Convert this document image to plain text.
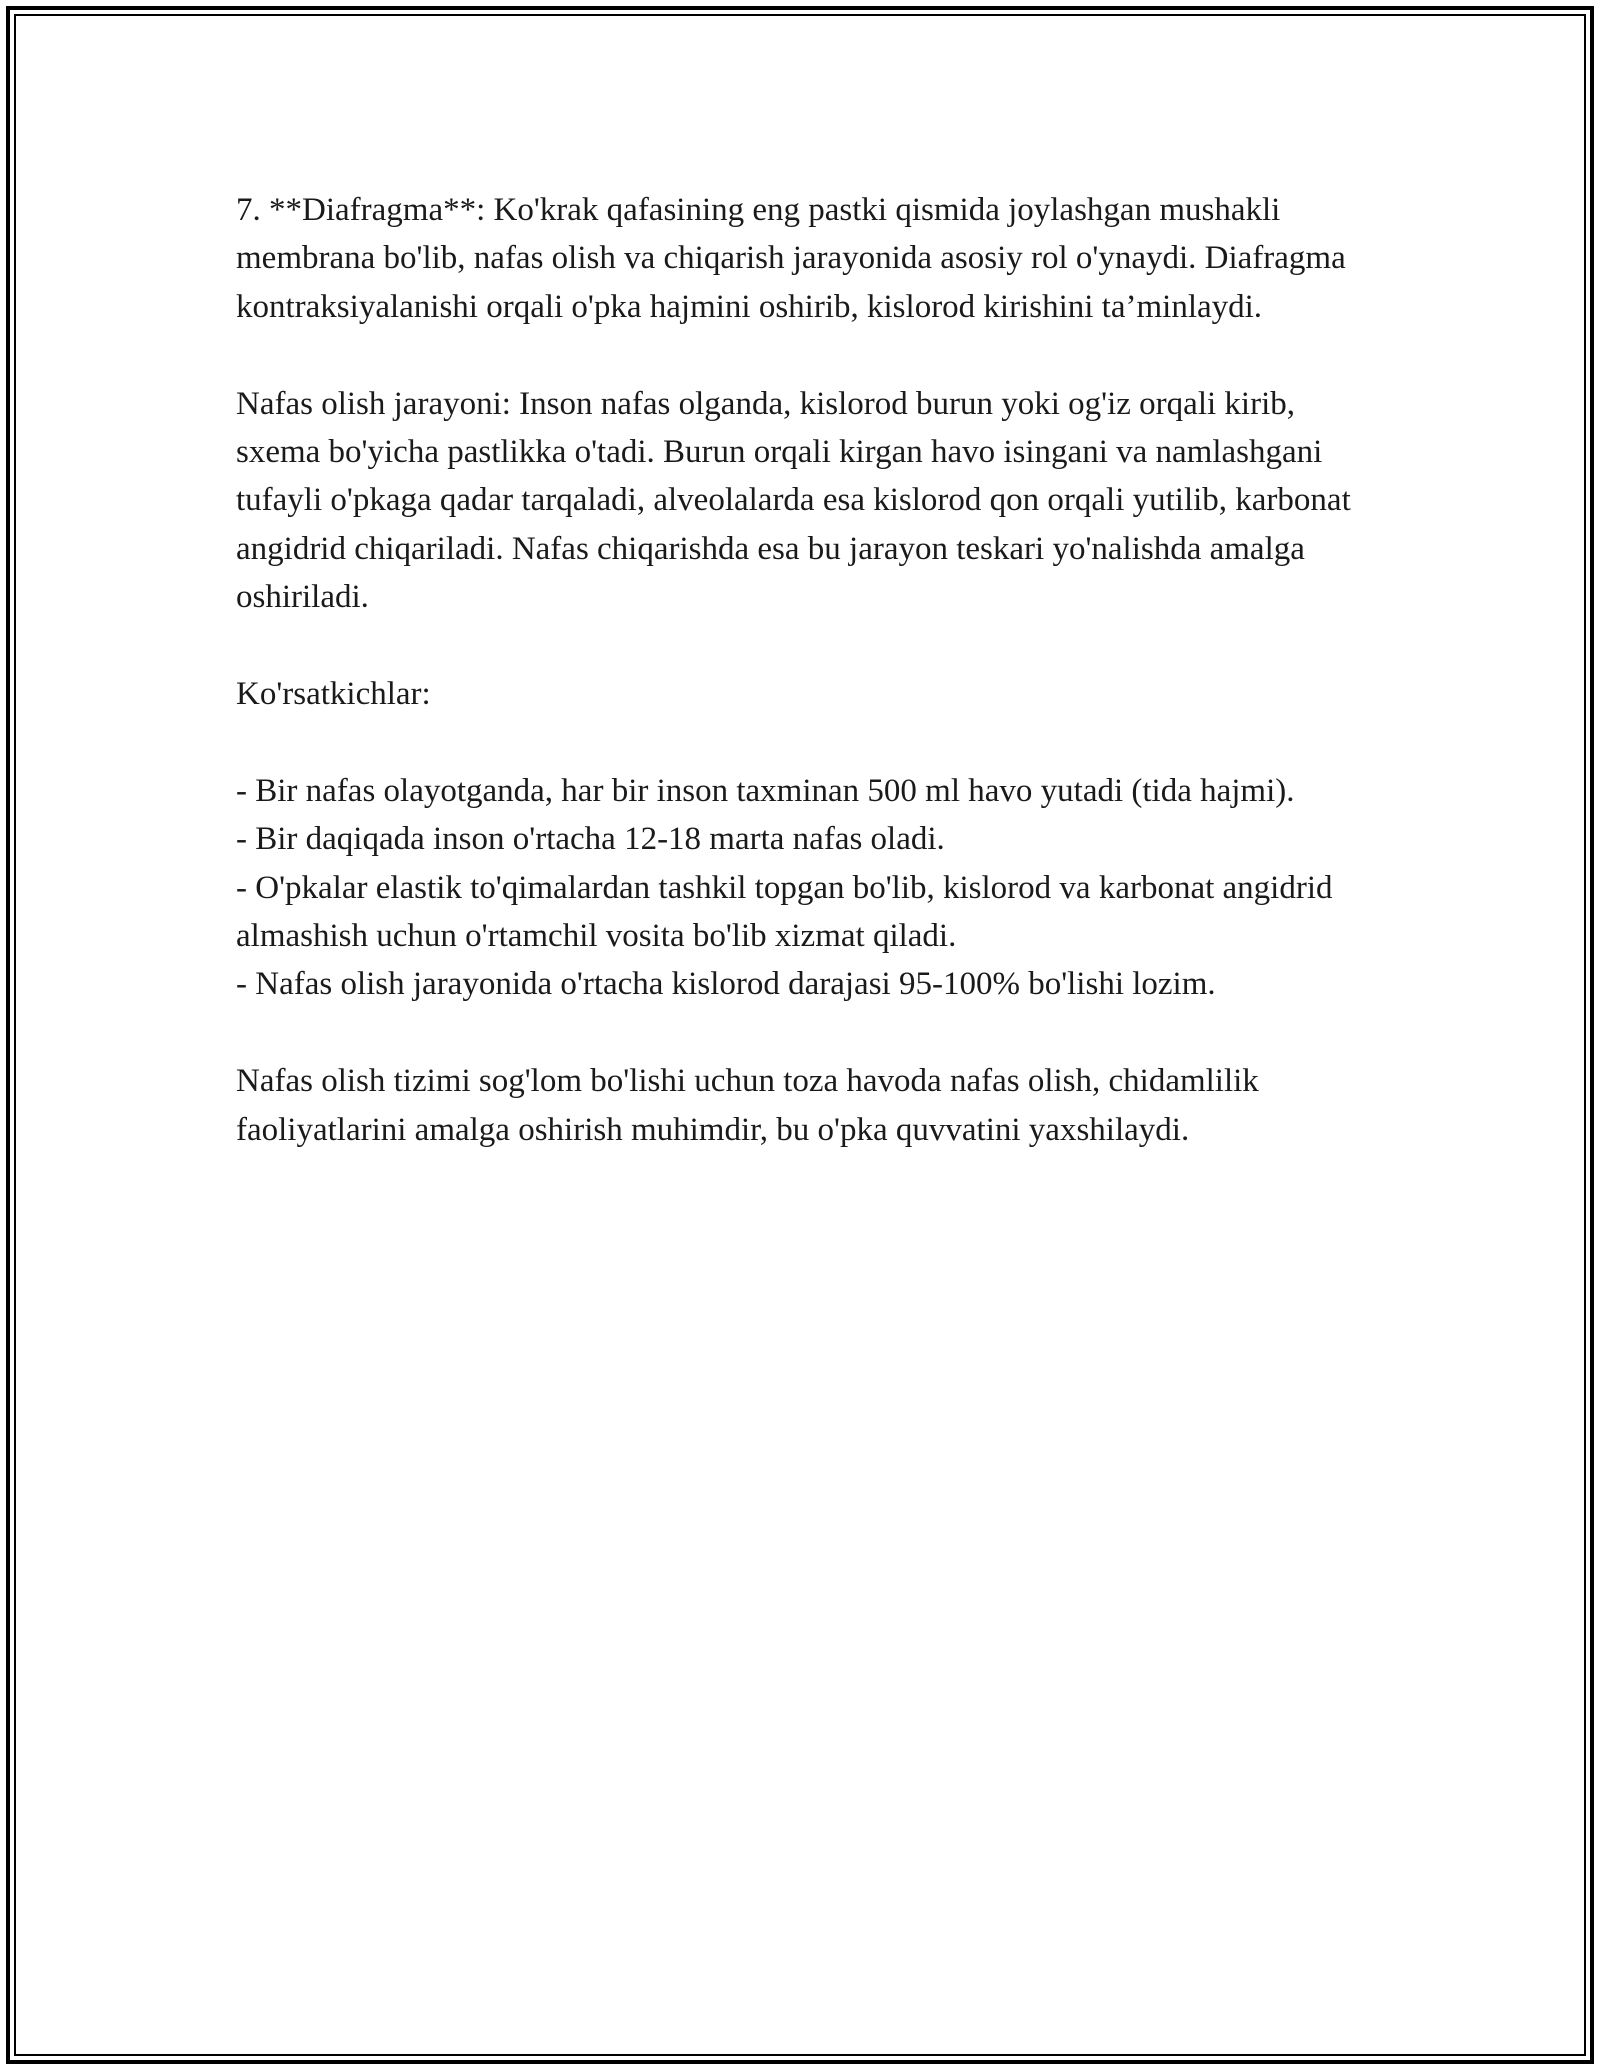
7. **Diafragma**: Ko'krak qafasining eng pastki qismida joylashgan mushakli membrana bo'lib, nafas olish va chiqarish jarayonida asosiy rol o'ynaydi. Diafragma kontraksiyalanishi orqali o'pka hajmini oshirib, kislorod kirishini ta’minlaydi.

Nafas olish jarayoni: Inson nafas olganda, kislorod burun yoki og'iz orqali kirib, sxema bo'yicha pastlikka o'tadi. Burun orqali kirgan havo isingani va namlashgani tufayli o'pkaga qadar tarqaladi, alveolalarda esa kislorod qon orqali yutilib, karbonat angidrid chiqariladi. Nafas chiqarishda esa bu jarayon teskari yo'nalishda amalga oshiriladi.

Ko'rsatkichlar:

- Bir nafas olayotganda, har bir inson taxminan 500 ml havo yutadi (tida hajmi).
- Bir daqiqada inson o'rtacha 12-18 marta nafas oladi.
- O'pkalar elastik to'qimalardan tashkil topgan bo'lib, kislorod va karbonat angidrid almashish uchun o'rtamchil vosita bo'lib xizmat qiladi.
- Nafas olish jarayonida o'rtacha kislorod darajasi 95-100% bo'lishi lozim.

Nafas olish tizimi sog'lom bo'lishi uchun toza havoda nafas olish, chidamlilik faoliyatlarini amalga oshirish muhimdir, bu o'pka quvvatini yaxshilaydi.
